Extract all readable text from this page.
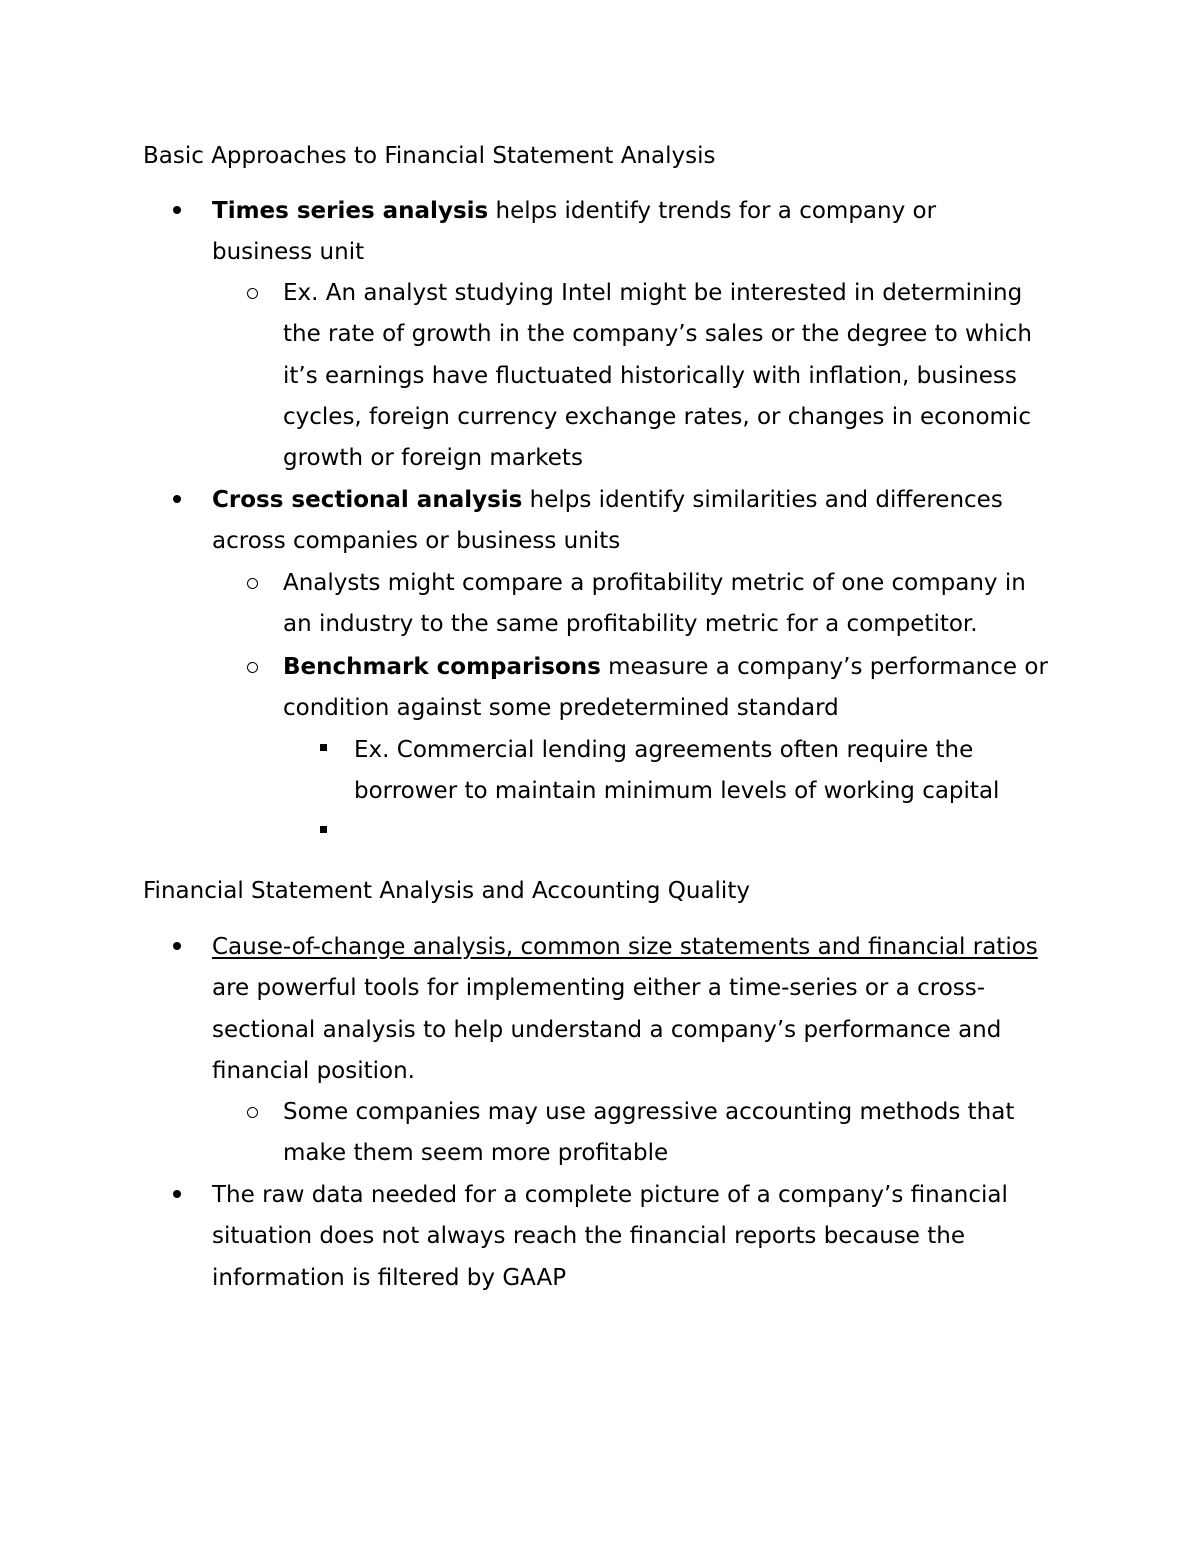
Basic Approaches to Financial Statement Analysis
Times series analysis helps identify trends for a company or business unit
Ex. An analyst studying Intel might be interested in determining the rate of growth in the company’s sales or the degree to which it’s earnings have fluctuated historically with inflation, business cycles, foreign currency exchange rates, or changes in economic growth or foreign markets
Cross sectional analysis helps identify similarities and differences across companies or business units
Analysts might compare a profitability metric of one company in an industry to the same profitability metric for a competitor.
Benchmark comparisons measure a company’s performance or condition against some predetermined standard
Ex. Commercial lending agreements often require the borrower to maintain minimum levels of working capital

Financial Statement Analysis and Accounting Quality
Cause-of-change analysis, common size statements and financial ratios are powerful tools for implementing either a time-series or a cross-sectional analysis to help understand a company’s performance and financial position.
Some companies may use aggressive accounting methods that make them seem more profitable
The raw data needed for a complete picture of a company’s financial situation does not always reach the financial reports because the information is filtered by GAAP
